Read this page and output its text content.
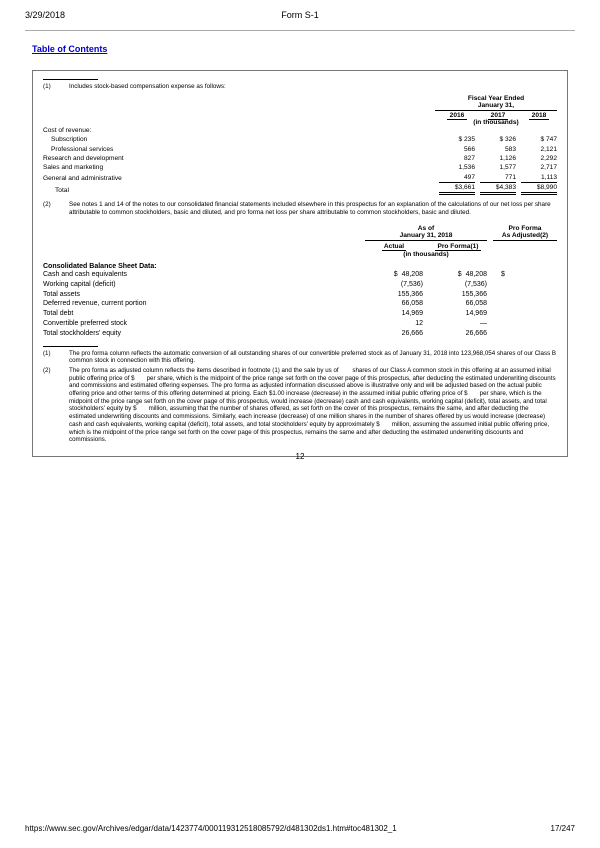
3/29/2018	Form S-1
Table of Contents
(1)	Includes stock-based compensation expense as follows:
Fiscal Year Ended
January 31,
2016	2017	2018
(in thousands)
Cost of revenue:
Subscription	$ 235	$ 326	$ 747
Professional services	566	583	2,121
Research and development	827	1,126	2,292
Sales and marketing	1,536	1,577	2,717
General and administrative	497	771	1,113
Total	$3,661	$4,383	$8,990
(2)	See notes 1 and 14 of the notes to our consolidated financial statements included elsewhere in this prospectus for an explanation of the calculations of our net loss per share attributable to common stockholders, basic and diluted, and pro forma net loss per share attributable to common stockholders, basic and diluted.
As of
January 31, 2018
Pro Forma
As Adjusted(2)
Actual	Pro Forma(1)
(in thousands)
Consolidated Balance Sheet Data:
Cash and cash equivalents	$  48,208	$  48,208	$
Working capital (deficit)	(7,536)	(7,536)
Total assets	155,366	155,366
Deferred revenue, current portion	66,058	66,058
Total debt	14,969	14,969
Convertible preferred stock	12	—
Total stockholders' equity	26,666	26,666
(1)	The pro forma column reflects the automatic conversion of all outstanding shares of our convertible preferred stock as of January 31, 2018 into 123,968,054 shares of our Class B common stock in connection with this offering.
(2)	The pro forma as adjusted column reflects the items described in footnote (1) and the sale by us of        shares of our Class A common stock in this offering at an assumed initial public offering price of $       per share, which is the midpoint of the price range set forth on the cover page of this prospectus, after deducting the estimated underwriting discounts and commissions and estimated offering expenses. The pro forma as adjusted information discussed above is illustrative only and will be adjusted based on the actual public offering price and other terms of this offering determined at pricing. Each $1.00 increase (decrease) in the assumed initial public offering price of $       per share, which is the midpoint of the price range set forth on the cover page of this prospectus, would increase (decrease) cash and cash equivalents, working capital (deficit), total assets, and total stockholders' equity by $       million, assuming that the number of shares offered, as set forth on the cover of this prospectus, remains the same, and after deducting the estimated underwriting discounts and commissions. Similarly, each increase (decrease) of one million shares in the number of shares offered by us would increase (decrease) cash and cash equivalents, working capital (deficit), total assets, and total stockholders' equity by approximately $       million, assuming the assumed initial public offering price, which is the midpoint of the price range set forth on the cover page of this prospectus, remains the same and after deducting the estimated underwriting discounts and commissions.
12
https://www.sec.gov/Archives/edgar/data/1423774/000119312518085792/d481302ds1.htm#toc481302_1	17/247
